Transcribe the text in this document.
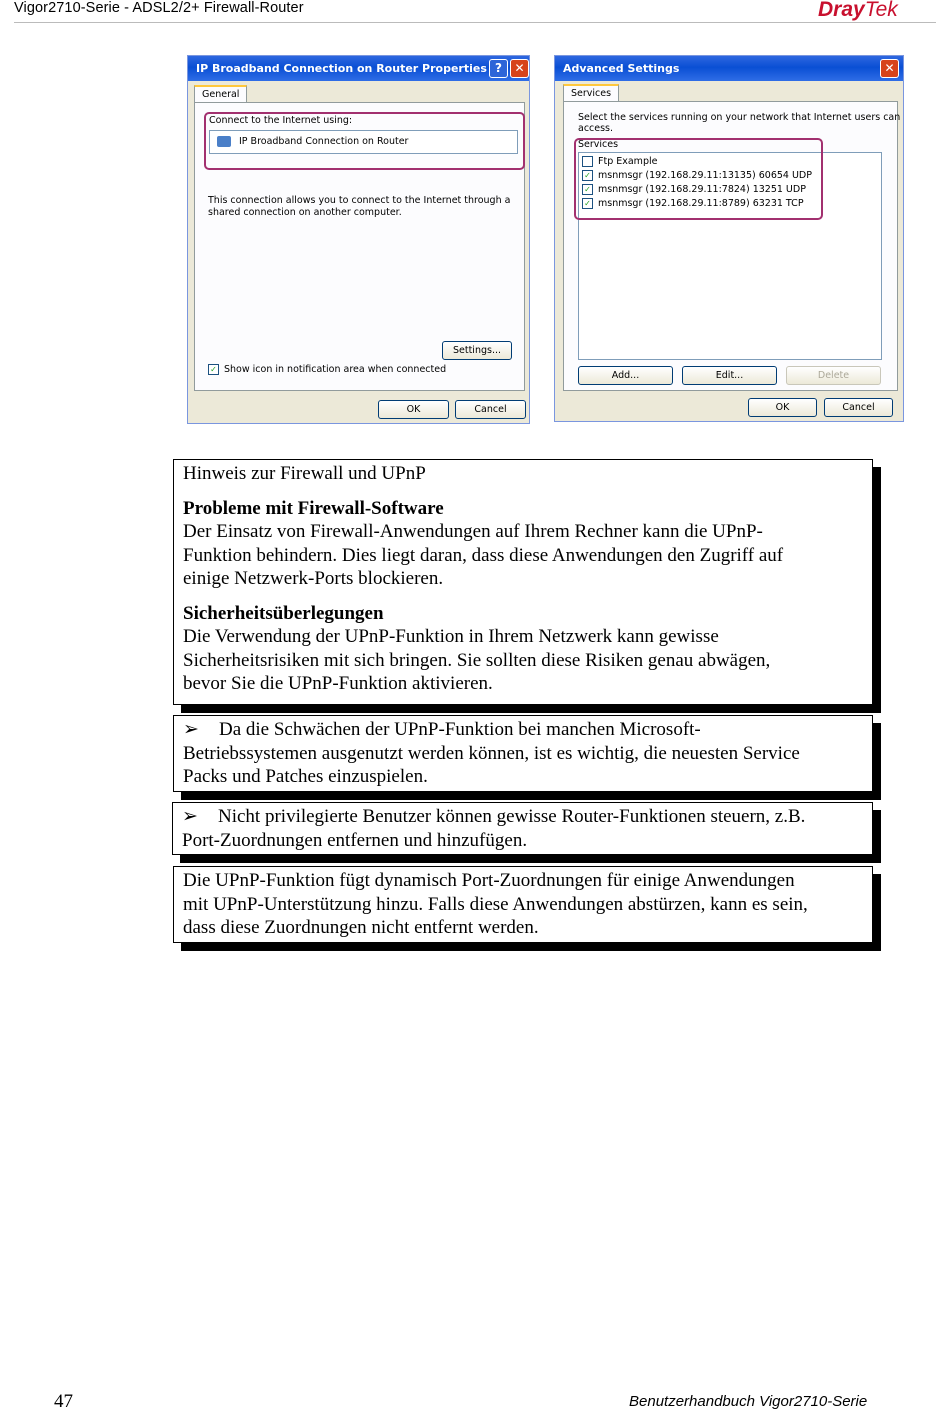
Vigor2710-Serie - ADSL2/2+ Firewall-Router	DrayTek
IP Broadband Connection on Router Properties ?	✕
General
Connect to the Internet using:
IP Broadband Connection on Router
This connection allows you to connect to the Internet through a
shared connection on another computer.
Settings...
✓ Show icon in notification area when connected
OK	Cancel
Advanced Settings	✕
Services
Select the services running on your network that Internet users can
access.
Services
Ftp Example
✓ msnmsgr (192.168.29.11:13135) 60654 UDP
✓ msnmsgr (192.168.29.11:7824) 13251 UDP
✓ msnmsgr (192.168.29.11:8789) 63231 TCP
Add...	Edit...	Delete
OK	Cancel

Hinweis zur Firewall und UPnP

Probleme mit Firewall-Software

Der Einsatz von Firewall-Anwendungen auf Ihrem Rechner kann die UPnP-

Funktion behindern. Dies liegt daran, dass diese Anwendungen den Zugriff auf

einige Netzwerk-Ports blockieren.

Sicherheitsüberlegungen

Die Verwendung der UPnP-Funktion in Ihrem Netzwerk kann gewisse

Sicherheitsrisiken mit sich bringen. Sie sollten diese Risiken genau abwägen,

bevor Sie die UPnP-Funktion aktivieren.

➢ Da die Schwächen der UPnP-Funktion bei manchen Microsoft-

Betriebssystemen ausgenutzt werden können, ist es wichtig, die neuesten Service

Packs und Patches einzuspielen.

➢ Nicht privilegierte Benutzer können gewisse Router-Funktionen steuern, z.B.

Port-Zuordnungen entfernen und hinzufügen.

Die UPnP-Funktion fügt dynamisch Port-Zuordnungen für einige Anwendungen

mit UPnP-Unterstützung hinzu. Falls diese Anwendungen abstürzen, kann es sein,

dass diese Zuordnungen nicht entfernt werden.

47	Benutzerhandbuch Vigor2710-Serie
